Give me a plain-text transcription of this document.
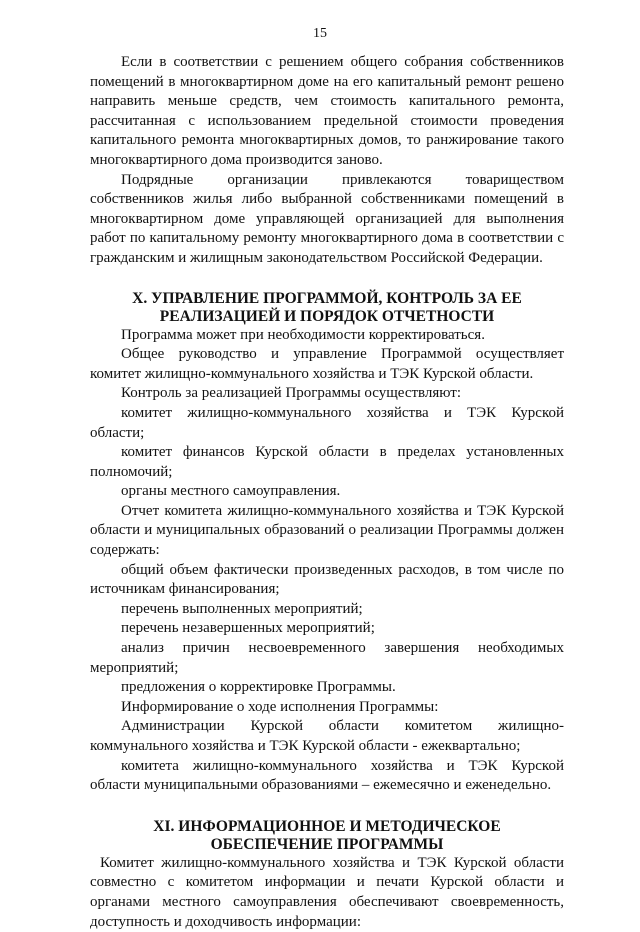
15

Если в соответствии с решением общего собрания собственников помещений в многоквартирном доме на его капитальный ремонт решено направить меньше средств, чем стоимость капитального ремонта, рассчитанная с использованием предельной стоимости проведения капитального ремонта многоквартирных домов, то ранжирование такого многоквартирного дома производится заново.

Подрядные организации привлекаются товариществом собственников жилья либо выбранной собственниками помещений в многоквартирном доме управляющей организацией для выполнения работ по капитальному ремонту многоквартирного дома в соответствии с гражданским и жилищным законодательством Российской Федерации.

X. УПРАВЛЕНИЕ ПРОГРАММОЙ, КОНТРОЛЬ ЗА ЕЕ
РЕАЛИЗАЦИЕЙ И ПОРЯДОК ОТЧЕТНОСТИ

Программа может при необходимости корректироваться.

Общее руководство и управление Программой осуществляет комитет жилищно-коммунального хозяйства и ТЭК Курской области.

Контроль за реализацией Программы осуществляют:

комитет жилищно-коммунального хозяйства и ТЭК Курской области;

комитет финансов Курской области в пределах установленных полномочий;

органы местного самоуправления.

Отчет комитета жилищно-коммунального хозяйства и ТЭК Курской области и муниципальных образований о реализации Программы должен содержать:

общий объем фактически произведенных расходов, в том числе по источникам финансирования;

перечень выполненных мероприятий;

перечень незавершенных мероприятий;

анализ причин несвоевременного завершения необходимых мероприятий;

предложения о корректировке Программы.

Информирование о ходе исполнения Программы:

Администрации Курской области комитетом жилищно-коммунального хозяйства и ТЭК Курской области - ежеквартально;

комитета жилищно-коммунального хозяйства и ТЭК Курской области муниципальными образованиями – ежемесячно и еженедельно.

XI. ИНФОРМАЦИОННОЕ И МЕТОДИЧЕСКОЕ
ОБЕСПЕЧЕНИЕ ПРОГРАММЫ

Комитет жилищно-коммунального хозяйства и ТЭК Курской области совместно с комитетом информации и печати Курской области и органами местного самоуправления обеспечивают своевременность, доступность и доходчивость информации:
